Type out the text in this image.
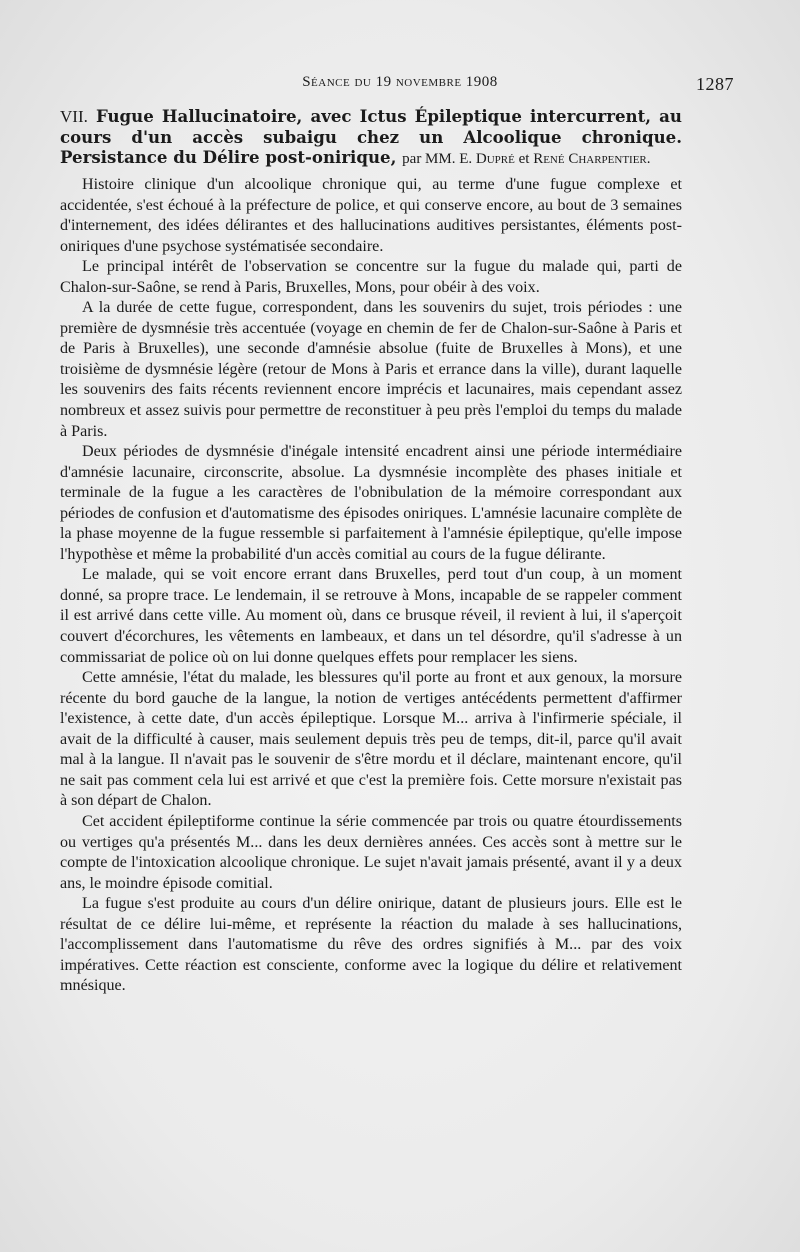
Séance du 19 novembre 1908	1287
VII. Fugue Hallucinatoire, avec Ictus Épileptique intercurrent, au cours d'un accès subaigu chez un Alcoolique chronique. Persistance du Délire post-onirique, par MM. E. Dupré et René Charpentier.

Histoire clinique d'un alcoolique chronique qui, au terme d'une fugue complexe et accidentée, s'est échoué à la préfecture de police, et qui conserve encore, au bout de 3 semaines d'internement, des idées délirantes et des hallucinations auditives persistantes, éléments post-oniriques d'une psychose systématisée secondaire.

Le principal intérêt de l'observation se concentre sur la fugue du malade qui, parti de Chalon-sur-Saône, se rend à Paris, Bruxelles, Mons, pour obéir à des voix.

A la durée de cette fugue, correspondent, dans les souvenirs du sujet, trois périodes : une première de dysmnésie très accentuée (voyage en chemin de fer de Chalon-sur-Saône à Paris et de Paris à Bruxelles), une seconde d'amnésie absolue (fuite de Bruxelles à Mons), et une troisième de dysmnésie légère (retour de Mons à Paris et errance dans la ville), durant laquelle les souvenirs des faits récents reviennent encore imprécis et lacunaires, mais cependant assez nombreux et assez suivis pour permettre de reconstituer à peu près l'emploi du temps du malade à Paris.

Deux périodes de dysmnésie d'inégale intensité encadrent ainsi une période intermédiaire d'amnésie lacunaire, circonscrite, absolue. La dysmnésie incomplète des phases initiale et terminale de la fugue a les caractères de l'obnibulation de la mémoire correspondant aux périodes de confusion et d'automatisme des épisodes oniriques. L'amnésie lacunaire complète de la phase moyenne de la fugue ressemble si parfaitement à l'amnésie épileptique, qu'elle impose l'hypothèse et même la probabilité d'un accès comitial au cours de la fugue délirante.

Le malade, qui se voit encore errant dans Bruxelles, perd tout d'un coup, à un moment donné, sa propre trace. Le lendemain, il se retrouve à Mons, incapable de se rappeler comment il est arrivé dans cette ville. Au moment où, dans ce brusque réveil, il revient à lui, il s'aperçoit couvert d'écorchures, les vêtements en lambeaux, et dans un tel désordre, qu'il s'adresse à un commissariat de police où on lui donne quelques effets pour remplacer les siens.

Cette amnésie, l'état du malade, les blessures qu'il porte au front et aux genoux, la morsure récente du bord gauche de la langue, la notion de vertiges antécédents permettent d'affirmer l'existence, à cette date, d'un accès épileptique. Lorsque M... arriva à l'infirmerie spéciale, il avait de la difficulté à causer, mais seulement depuis très peu de temps, dit-il, parce qu'il avait mal à la langue. Il n'avait pas le souvenir de s'être mordu et il déclare, maintenant encore, qu'il ne sait pas comment cela lui est arrivé et que c'est la première fois. Cette morsure n'existait pas à son départ de Chalon.

Cet accident épileptiforme continue la série commencée par trois ou quatre étourdissements ou vertiges qu'a présentés M... dans les deux dernières années. Ces accès sont à mettre sur le compte de l'intoxication alcoolique chronique. Le sujet n'avait jamais présenté, avant il y a deux ans, le moindre épisode comitial.

La fugue s'est produite au cours d'un délire onirique, datant de plusieurs jours. Elle est le résultat de ce délire lui-même, et représente la réaction du malade à ses hallucinations, l'accomplissement dans l'automatisme du rêve des ordres signifiés à M... par des voix impératives. Cette réaction est consciente, conforme avec la logique du délire et relativement mnésique.
